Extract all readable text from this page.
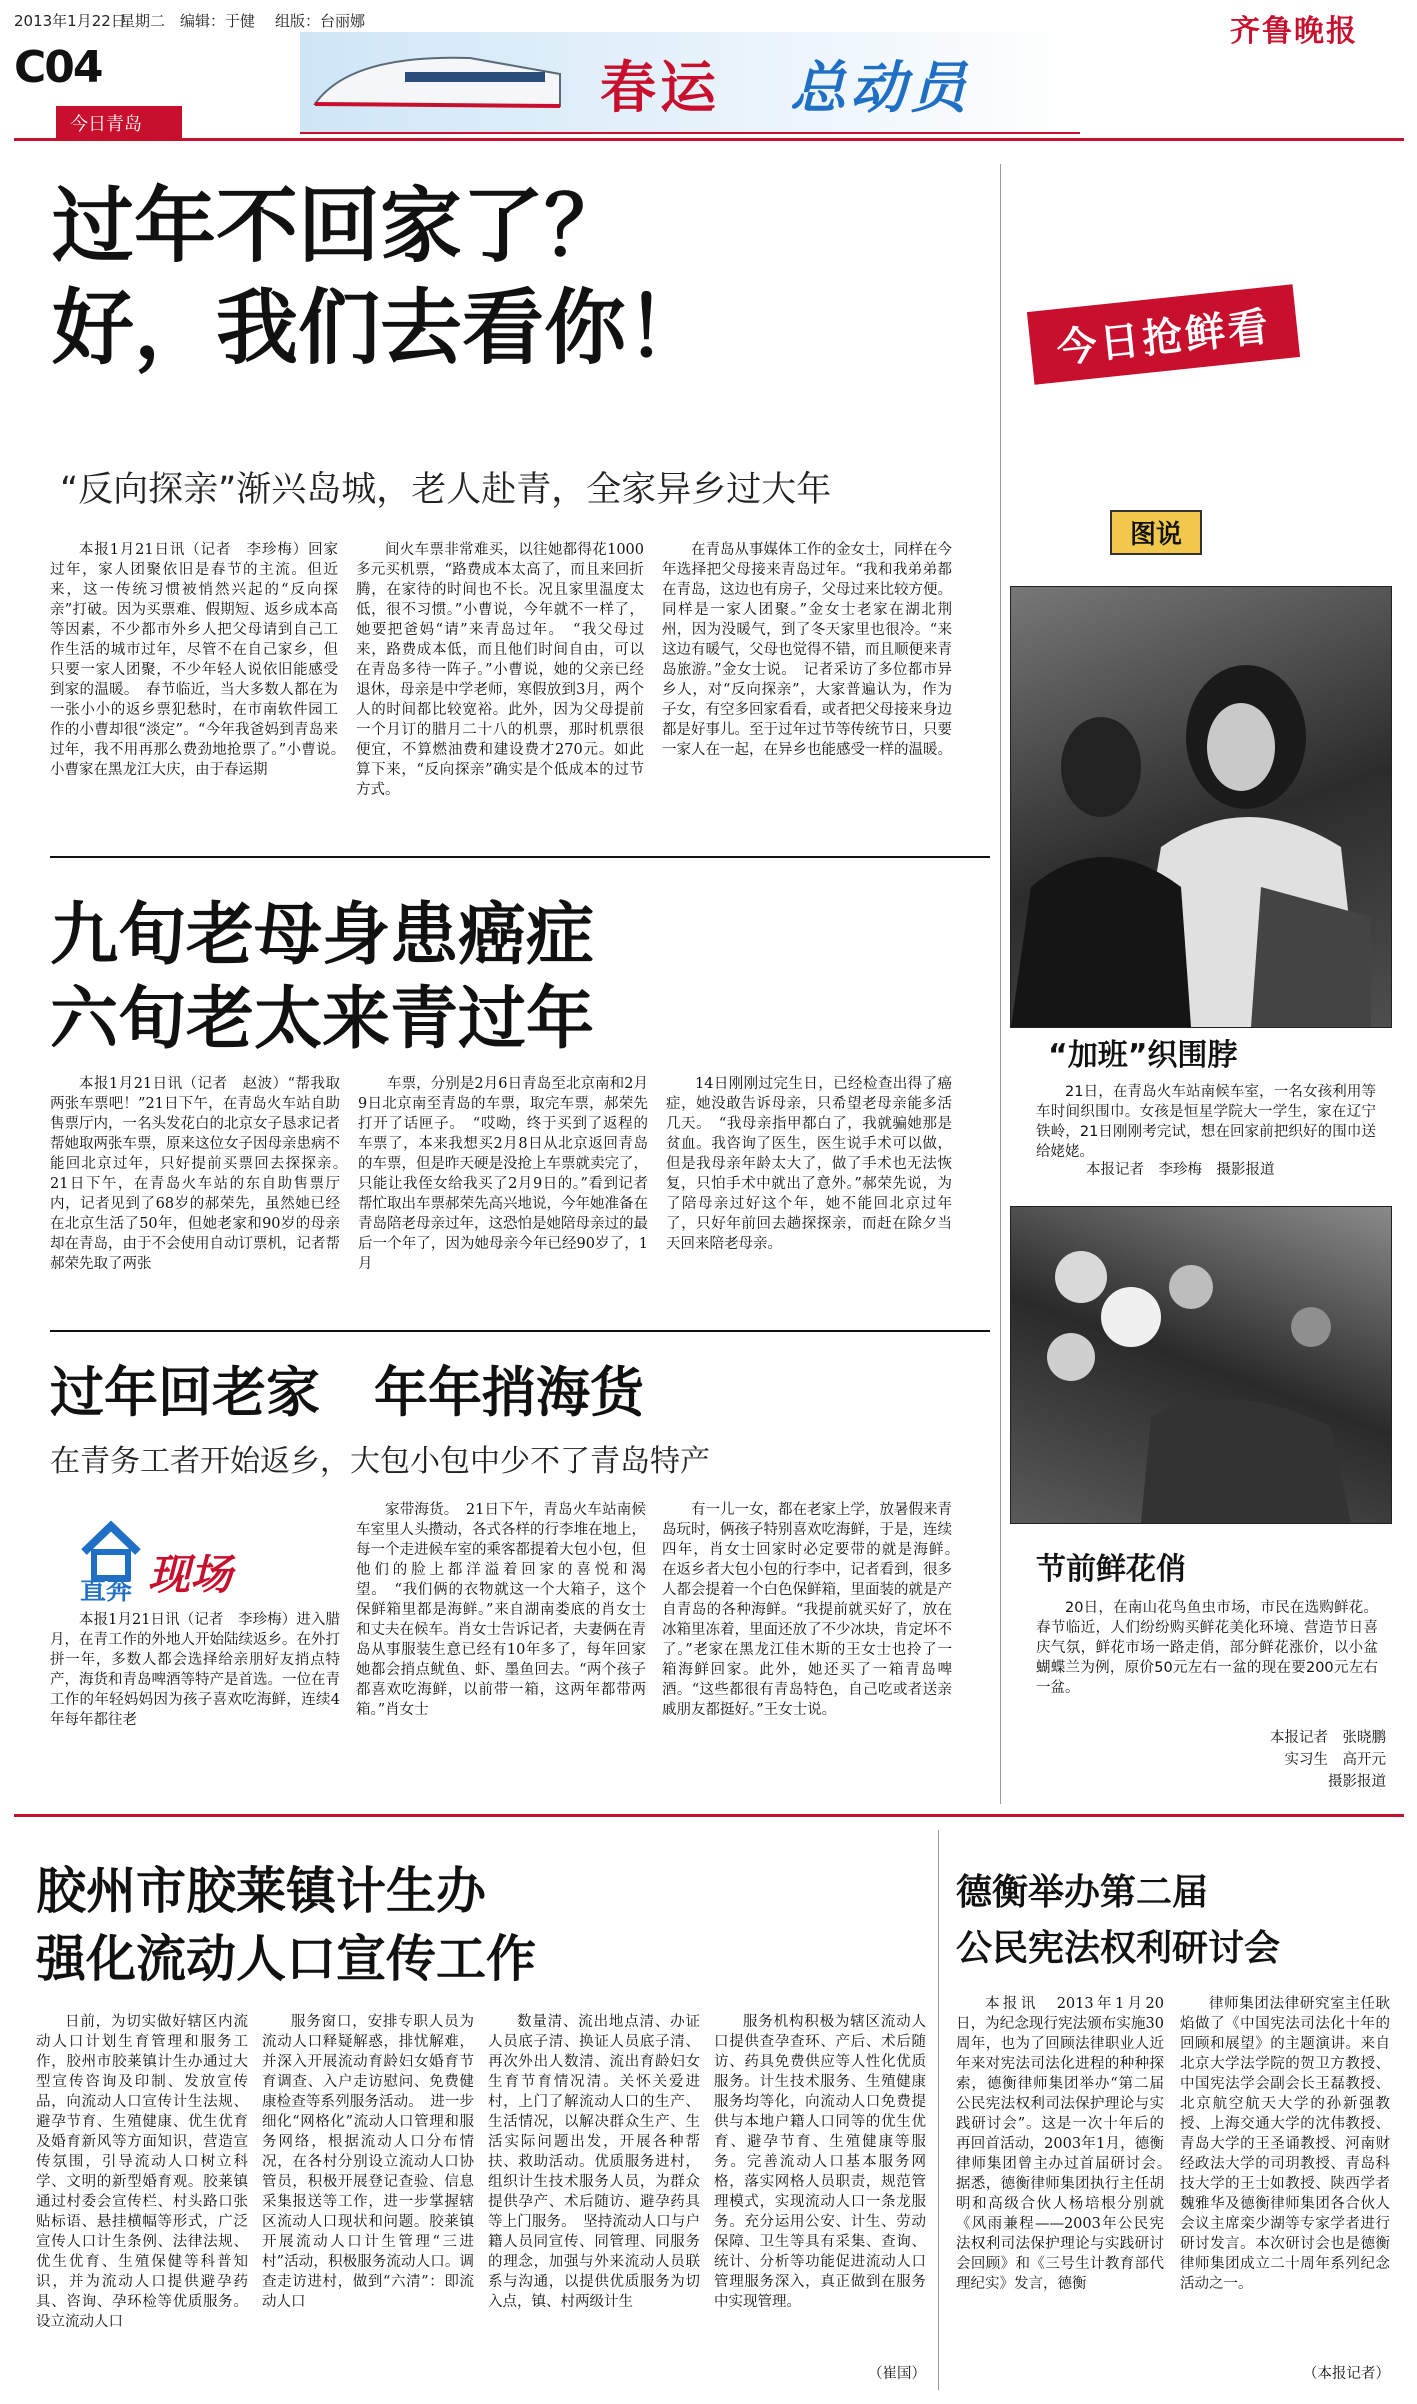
2013年1月22日
星期二 编辑：于健 组版：台丽娜	齐鲁晚报
C04
今日青岛
春运 总动员
过年不回家了？
好，我们去看你！
“反向探亲”渐兴岛城，老人赴青，全家异乡过大年

本报1月21日讯（记者　李珍梅）回家过年，家人团聚依旧是春节的主流。但近来，这一传统习惯被悄然兴起的“反向探亲”打破。因为买票难、假期短、返乡成本高等因素，不少都市外乡人把父母请到自己工作生活的城市过年，尽管不在自己家乡，但只要一家人团聚，不少年轻人说依旧能感受到家的温暖。　春节临近，当大多数人都在为一张小小的返乡票犯愁时，在市南软件园工作的小曹却很“淡定”。“今年我爸妈到青岛来过年，我不用再那么费劲地抢票了。”小曹说。　小曹家在黑龙江大庆，由于春运期

间火车票非常难买，以往她都得花1000多元买机票，“路费成本太高了，而且来回折腾，在家待的时间也不长。况且家里温度太低，很不习惯。”小曹说，今年就不一样了，她要把爸妈“请”来青岛过年。　“我父母过来，路费成本低，而且他们时间自由，可以在青岛多待一阵子。”小曹说，她的父亲已经退休，母亲是中学老师，寒假放到3月，两个人的时间都比较宽裕。此外，因为父母提前一个月订的腊月二十八的机票，那时机票很便宜，不算燃油费和建设费才270元。如此算下来，“反向探亲”确实是个低成本的过节方式。

在青岛从事媒体工作的金女士，同样在今年选择把父母接来青岛过年。“我和我弟弟都在青岛，这边也有房子，父母过来比较方便。同样是一家人团聚。”金女士老家在湖北荆州，因为没暖气，到了冬天家里也很冷。“来这边有暖气，父母也觉得不错，而且顺便来青岛旅游。”金女士说。　记者采访了多位都市异乡人，对“反向探亲”，大家普遍认为，作为子女，有空多回家看看，或者把父母接来身边都是好事儿。至于过年过节等传统节日，只要一家人在一起，在异乡也能感受一样的温暖。

九旬老母身患癌症
六旬老太来青过年

本报1月21日讯（记者　赵波）“帮我取两张车票吧！”21日下午，在青岛火车站自助售票厅内，一名头发花白的北京女子恳求记者帮她取两张车票，原来这位女子因母亲患病不能回北京过年，只好提前买票回去探探亲。　21日下午，在青岛火车站的东自助售票厅内，记者见到了68岁的郝荣先，虽然她已经在北京生活了50年，但她老家和90岁的母亲却在青岛，由于不会使用自动订票机，记者帮郝荣先取了两张

车票，分别是2月6日青岛至北京南和2月9日北京南至青岛的车票，取完车票，郝荣先打开了话匣子。　“哎呦，终于买到了返程的车票了，本来我想买2月8日从北京返回青岛的车票，但是昨天硬是没抢上车票就卖完了，只能让我侄女给我买了2月9日的。”看到记者帮忙取出车票郝荣先高兴地说，今年她准备在青岛陪老母亲过年，这恐怕是她陪母亲过的最后一个年了，因为她母亲今年已经90岁了，1月

14日刚刚过完生日，已经检查出得了癌症，她没敢告诉母亲，只希望老母亲能多活几天。　“我母亲指甲都白了，我就骗她那是贫血。我咨询了医生，医生说手术可以做，但是我母亲年龄太大了，做了手术也无法恢复，只怕手术中就出了意外。”郝荣先说，为了陪母亲过好这个年，她不能回北京过年了，只好年前回去趟探探亲，而赶在除夕当天回来陪老母亲。

过年回老家　年年捎海货
在青务工者开始返乡，大包小包中少不了青岛特产
直奔 现场

本报1月21日讯（记者　李珍梅）进入腊月，在青工作的外地人开始陆续返乡。在外打拼一年，多数人都会选择给亲朋好友捎点特产，海货和青岛啤酒等特产是首选。一位在青工作的年轻妈妈因为孩子喜欢吃海鲜，连续4年每年都往老

家带海货。　21日下午，青岛火车站南候车室里人头攒动，各式各样的行李堆在地上，每一个走进候车室的乘客都提着大包小包，但他们的脸上都洋溢着回家的喜悦和渴望。　“我们俩的衣物就这一个大箱子，这个保鲜箱里都是海鲜。”来自湖南娄底的肖女士和丈夫在候车。肖女士告诉记者，夫妻俩在青岛从事服装生意已经有10年多了，每年回家她都会捎点鱿鱼、虾、墨鱼回去。“两个孩子都喜欢吃海鲜，以前带一箱，这两年都带两箱。”肖女士

有一儿一女，都在老家上学，放暑假来青岛玩时，俩孩子特别喜欢吃海鲜，于是，连续四年，肖女士回家时必定要带的就是海鲜。　在返乡者大包小包的行李中，记者看到，很多人都会提着一个白色保鲜箱，里面装的就是产自青岛的各种海鲜。“我提前就买好了，放在冰箱里冻着，里面还放了不少冰块，肯定坏不了。”老家在黑龙江佳木斯的王女士也拎了一箱海鲜回家。此外，她还买了一箱青岛啤酒。“这些都很有青岛特色，自己吃或者送亲戚朋友都挺好。”王女士说。

今日抢鲜看
图说
“加班”织围脖

21日，在青岛火车站南候车室，一名女孩利用等车时间织围巾。女孩是恒星学院大一学生，家在辽宁铁岭，21日刚刚考完试，想在回家前把织好的围巾送给姥姥。

本报记者　李珍梅　摄影报道
节前鲜花俏

20日，在南山花鸟鱼虫市场，市民在选购鲜花。春节临近，人们纷纷购买鲜花美化环境、营造节日喜庆气氛，鲜花市场一路走俏，部分鲜花涨价，以小盆蝴蝶兰为例，原价50元左右一盆的现在要200元左右一盆。

本报记者　张晓鹏
实习生　高开元
摄影报道
胶州市胶莱镇计生办
强化流动人口宣传工作

日前，为切实做好辖区内流动人口计划生育管理和服务工作，胶州市胶莱镇计生办通过大型宣传咨询及印制、发放宣传品，向流动人口宣传计生法规、避孕节育、生殖健康、优生优育及婚育新风等方面知识，营造宣传氛围，引导流动人口树立科学、文明的新型婚育观。胶莱镇通过村委会宣传栏、村头路口张贴标语、悬挂横幅等形式，广泛宣传人口计生条例、法律法规、优生优育、生殖保健等科普知识，并为流动人口提供避孕药具、咨询、孕环检等优质服务。设立流动人口

服务窗口，安排专职人员为流动人口释疑解惑，排忧解难，并深入开展流动育龄妇女婚育节育调查、入户走访慰问、免费健康检查等系列服务活动。　进一步细化“网格化”流动人口管理和服务网络，根据流动人口分布情况，在各村分别设立流动人口协管员，积极开展登记查验、信息采集报送等工作，进一步掌握辖区流动人口现状和问题。胶莱镇开展流动人口计生管理“三进村”活动，积极服务流动人口。调查走访进村，做到“六清”：即流动人口

数量清、流出地点清、办证人员底子清、换证人员底子清、再次外出人数清、流出育龄妇女生育节育情况清。关怀关爱进村，上门了解流动人口的生产、生活情况，以解决群众生产、生活实际问题出发，开展各种帮扶、救助活动。优质服务进村，组织计生技术服务人员，为群众提供孕产、术后随访、避孕药具等上门服务。　坚持流动人口与户籍人员同宣传、同管理、同服务的理念，加强与外来流动人员联系与沟通，以提供优质服务为切入点，镇、村两级计生

服务机构积极为辖区流动人口提供查孕查环、产后、术后随访、药具免费供应等人性化优质服务。计生技术服务、生殖健康服务均等化，向流动人口免费提供与本地户籍人口同等的优生优育、避孕节育、生殖健康等服务。完善流动人口基本服务网格，落实网格人员职责，规范管理模式，实现流动人口一条龙服务。充分运用公安、计生、劳动保障、卫生等具有采集、查询、统计、分析等功能促进流动人口管理服务深入，真正做到在服务中实现管理。

（崔国）
德衡举办第二届
公民宪法权利研讨会

本报讯　2013年1月20日，为纪念现行宪法颁布实施30周年，也为了回顾法律职业人近年来对宪法司法化进程的种种探索，德衡律师集团举办“第二届公民宪法权利司法保护理论与实践研讨会”。这是一次十年后的再回首活动，2003年1月，德衡律师集团曾主办过首届研讨会。　据悉，德衡律师集团执行主任胡明和高级合伙人杨培根分别就《风雨兼程——2003年公民宪法权利司法保护理论与实践研讨会回顾》和《三号生计教育部代理纪实》发言，德衡

律师集团法律研究室主任耿焰做了《中国宪法司法化十年的回顾和展望》的主题演讲。来自北京大学法学院的贺卫方教授、中国宪法学会副会长王磊教授、北京航空航天大学的孙新强教授、上海交通大学的沈伟教授、青岛大学的王圣诵教授、河南财经政法大学的司玥教授、青岛科技大学的王士如教授、陕西学者魏雅华及德衡律师集团各合伙人会议主席栾少湖等专家学者进行研讨发言。本次研讨会也是德衡律师集团成立二十周年系列纪念活动之一。

（本报记者）
